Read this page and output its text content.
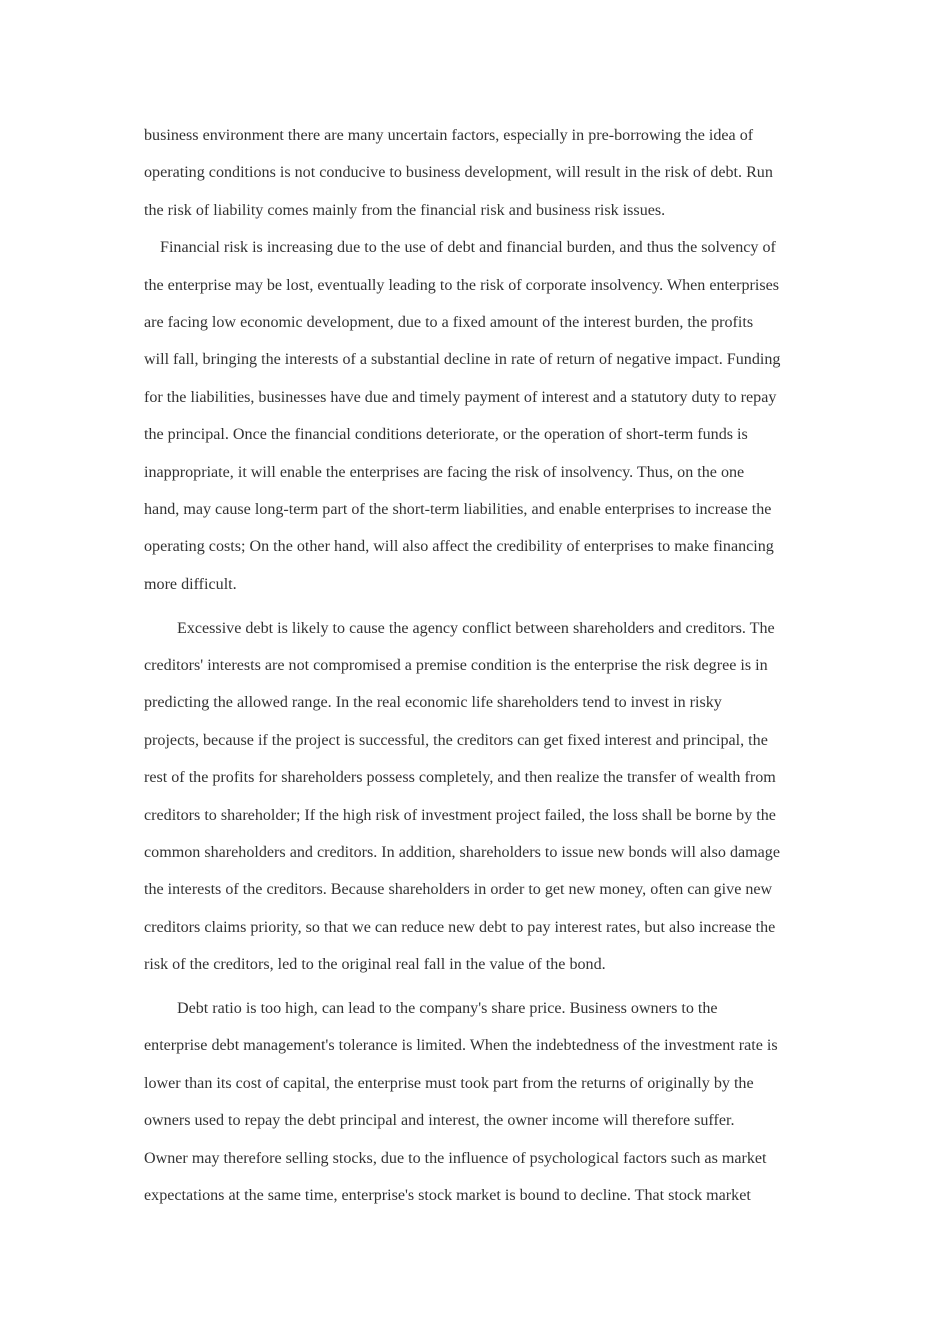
business environment there are many uncertain factors, especially in pre-borrowing the idea of
operating conditions is not conducive to business development, will result in the risk of debt. Run
the risk of liability comes mainly from the financial risk and business risk issues.
Financial risk is increasing due to the use of debt and financial burden, and thus the solvency of
the enterprise may be lost, eventually leading to the risk of corporate insolvency. When enterprises
are facing low economic development, due to a fixed amount of the interest burden, the profits
will fall, bringing the interests of a substantial decline in rate of return of negative impact. Funding
for the liabilities, businesses have due and timely payment of interest and a statutory duty to repay
the principal. Once the financial conditions deteriorate, or the operation of short-term funds is
inappropriate, it will enable the enterprises are facing the risk of insolvency. Thus, on the one
hand, may cause long-term part of the short-term liabilities, and enable enterprises to increase the
operating costs; On the other hand, will also affect the credibility of enterprises to make financing
more difficult.
Excessive debt is likely to cause the agency conflict between shareholders and creditors. The
creditors' interests are not compromised a premise condition is the enterprise the risk degree is in
predicting the allowed range. In the real economic life shareholders tend to invest in risky
projects, because if the project is successful, the creditors can get fixed interest and principal, the
rest of the profits for shareholders possess completely, and then realize the transfer of wealth from
creditors to shareholder; If the high risk of investment project failed, the loss shall be borne by the
common shareholders and creditors. In addition, shareholders to issue new bonds will also damage
the interests of the creditors. Because shareholders in order to get new money, often can give new
creditors claims priority, so that we can reduce new debt to pay interest rates, but also increase the
risk of the creditors, led to the original real fall in the value of the bond.
Debt ratio is too high, can lead to the company's share price. Business owners to the
enterprise debt management's tolerance is limited. When the indebtedness of the investment rate is
lower than its cost of capital, the enterprise must took part from the returns of originally by the
owners used to repay the debt principal and interest, the owner income will therefore suffer.
Owner may therefore selling stocks, due to the influence of psychological factors such as market
expectations at the same time, enterprise's stock market is bound to decline. That stock market
